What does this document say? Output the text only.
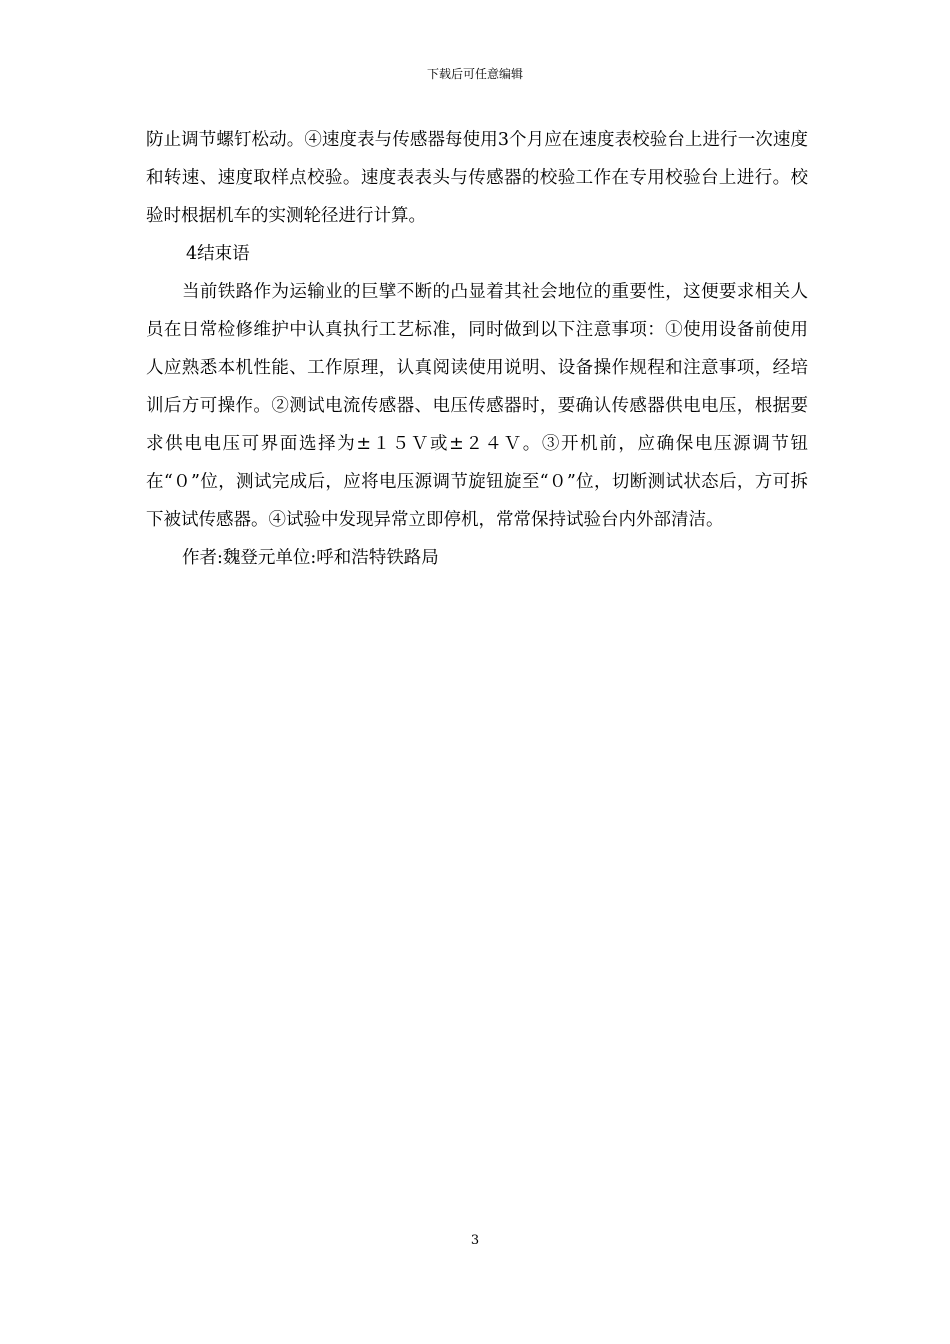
下载后可任意编辑

防止调节螺钉松动。④速度表与传感器每使用3个月应在速度表校验台上进行一次速度和转速、速度取样点校验。速度表表头与传感器的校验工作在专用校验台上进行。校验时根据机车的实测轮径进行计算。

4结束语

当前铁路作为运输业的巨擘不断的凸显着其社会地位的重要性，这便要求相关人员在日常检修维护中认真执行工艺标准，同时做到以下注意事项：①使用设备前使用人应熟悉本机性能、工作原理，认真阅读使用说明、设备操作规程和注意事项，经培训后方可操作。②测试电流传感器、电压传感器时，要确认传感器供电电压，根据要求供电电压可界面选择为±１５Ｖ或±２４Ｖ。③开机前，应确保电压源调节钮在“０”位，测试完成后，应将电压源调节旋钮旋至“０”位，切断测试状态后，方可拆下被试传感器。④试验中发现异常立即停机，常常保持试验台内外部清洁。

作者:魏登元单位:呼和浩特铁路局

3
